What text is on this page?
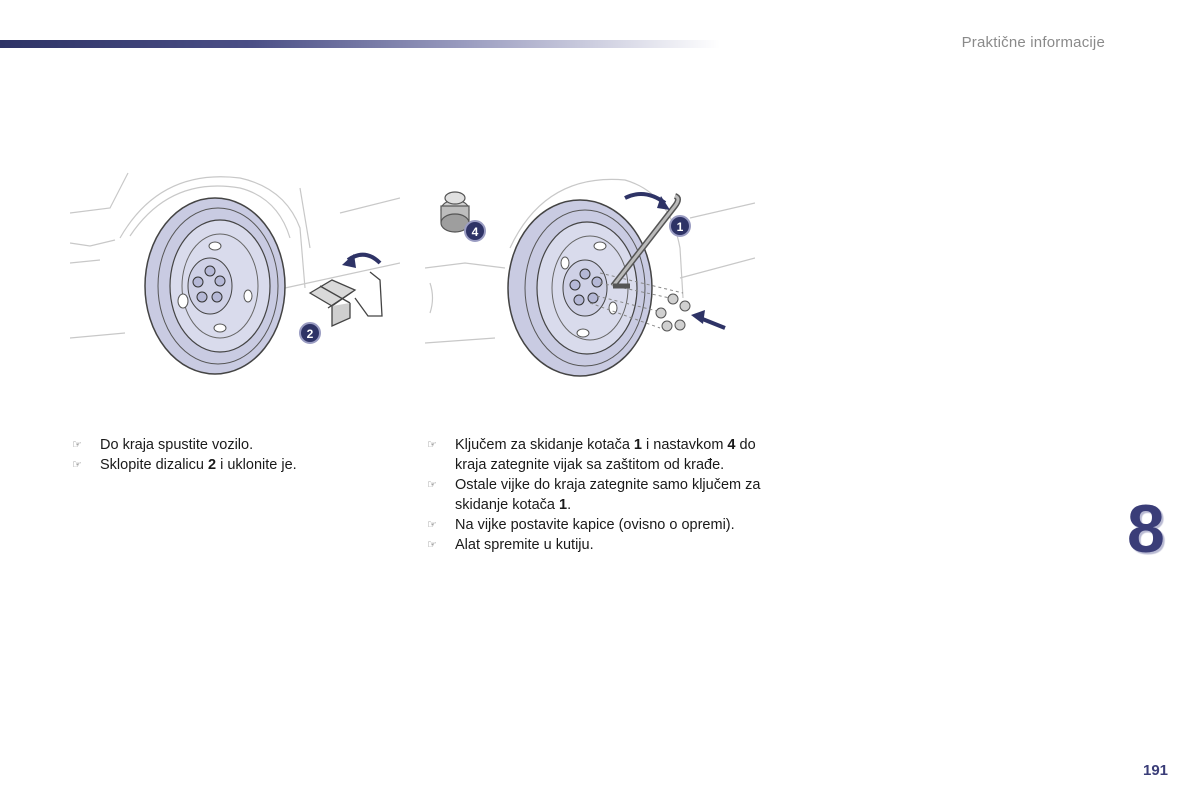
Praktične informacije
2
4	1
☞ Do kraja spustite vozilo.
☞ Sklopite dizalicu 2 i uklonite je.
☞ Ključem za skidanje kotača 1 i nastavkom 4 do kraja zategnite vijak sa zaštitom od krađe.
☞ Ostale vijke do kraja zategnite samo ključem za skidanje kotača 1.
☞ Na vijke postavite kapice (ovisno o opremi).
☞ Alat spremite u kutiju.	8
191
